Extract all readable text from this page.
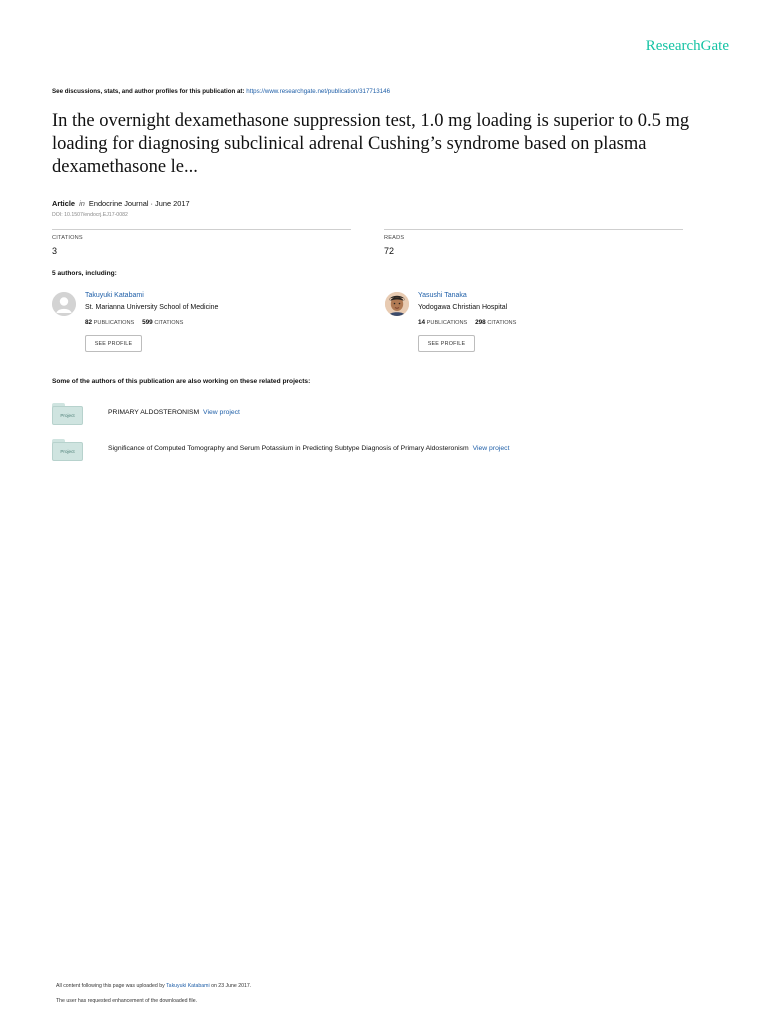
ResearchGate
See discussions, stats, and author profiles for this publication at: https://www.researchgate.net/publication/317713146
In the overnight dexamethasone suppression test, 1.0 mg loading is superior to 0.5 mg loading for diagnosing subclinical adrenal Cushing’s syndrome based on plasma dexamethasone le...
Article in Endocrine Journal · June 2017
DOI: 10.1507/endocrj.EJ17-0082
CITATIONS
3
READS
72
5 authors, including:
Takuyuki Katabami
St. Marianna University School of Medicine
82 PUBLICATIONS 599 CITATIONS
SEE PROFILE
Yasushi Tanaka
Yodogawa Christian Hospital
14 PUBLICATIONS 298 CITATIONS
SEE PROFILE
Some of the authors of this publication are also working on these related projects:
Project	PRIMARY ALDOSTERONISM View project
Project	Significance of Computed Tomography and Serum Potassium in Predicting Subtype Diagnosis of Primary Aldosteronism View project
All content following this page was uploaded by Takuyuki Katabami on 23 June 2017.
The user has requested enhancement of the downloaded file.
